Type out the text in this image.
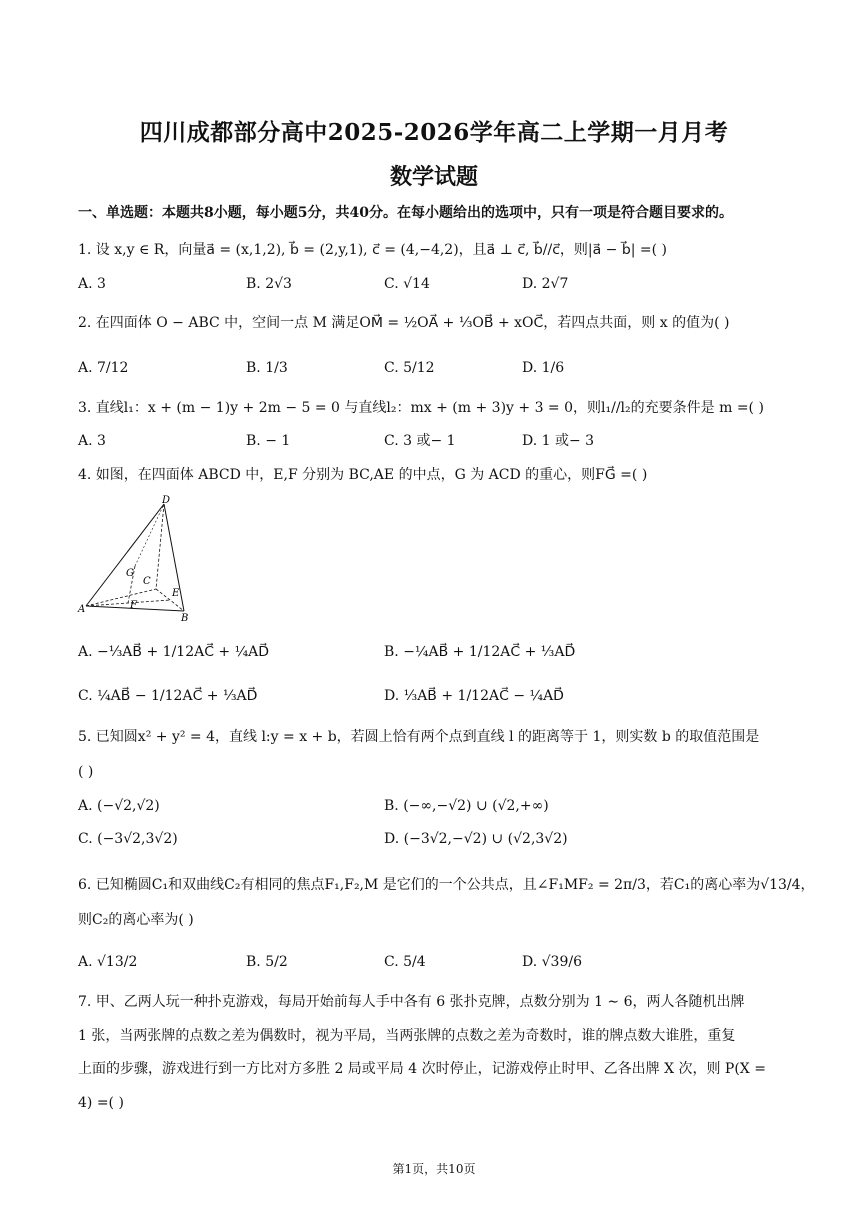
四川成都部分高中2025-2026学年高二上学期一月月考
数学试题
一、单选题：本题共8小题，每小题5分，共40分。在每小题给出的选项中，只有一项是符合题目要求的。
1. 设 x,y ∈ R，向量a⃗ = (x,1,2), b⃗ = (2,y,1), c⃗ = (4,−4,2)，且a⃗ ⊥ c⃗, b⃗//c⃗，则|a⃗ − b⃗| =( )
A. 3	B. 2√3	C. √14	D. 2√7
2. 在四面体 O − ABC 中，空间一点 M 满足OM⃗ = ½OA⃗ + ⅓OB⃗ + xOC⃗，若四点共面，则 x 的值为( )
A. 7/12	B. 1/3	C. 5/12	D. 1/6
3. 直线l₁：x + (m − 1)y + 2m − 5 = 0 与直线l₂：mx + (m + 3)y + 3 = 0，则l₁//l₂的充要条件是 m =( )
A. 3	B. − 1	C. 3 或− 1	D. 1 或− 3
4. 如图，在四面体 ABCD 中，E,F 分别为 BC,AE 的中点，G 为 ACD 的重心，则FG⃗ =( )
D
G
C
E
A	F
B
A. −⅓AB⃗ + 1/12AC⃗ + ¼AD⃗	B. −¼AB⃗ + 1/12AC⃗ + ⅓AD⃗
C. ¼AB⃗ − 1/12AC⃗ + ⅓AD⃗	D. ⅓AB⃗ + 1/12AC⃗ − ¼AD⃗
5. 已知圆x² + y² = 4，直线 l:y = x + b，若圆上恰有两个点到直线 l 的距离等于 1，则实数 b 的取值范围是
( )
A. (−√2,√2)	B. (−∞,−√2) ∪ (√2,+∞)
C. (−3√2,3√2)	D. (−3√2,−√2) ∪ (√2,3√2)
6. 已知椭圆C₁和双曲线C₂有相同的焦点F₁,F₂,M 是它们的一个公共点，且∠F₁MF₂ = 2π/3，若C₁的离心率为√13/4，
则C₂的离心率为( )
A. √13/2	B. 5/2	C. 5/4	D. √39/6
7. 甲、乙两人玩一种扑克游戏，每局开始前每人手中各有 6 张扑克牌，点数分别为 1 ∼ 6，两人各随机出牌
1 张，当两张牌的点数之差为偶数时，视为平局，当两张牌的点数之差为奇数时，谁的牌点数大谁胜，重复
上面的步骤，游戏进行到一方比对方多胜 2 局或平局 4 次时停止，记游戏停止时甲、乙各出牌 X 次，则 P(X =
4) =( )
第1页，共10页
